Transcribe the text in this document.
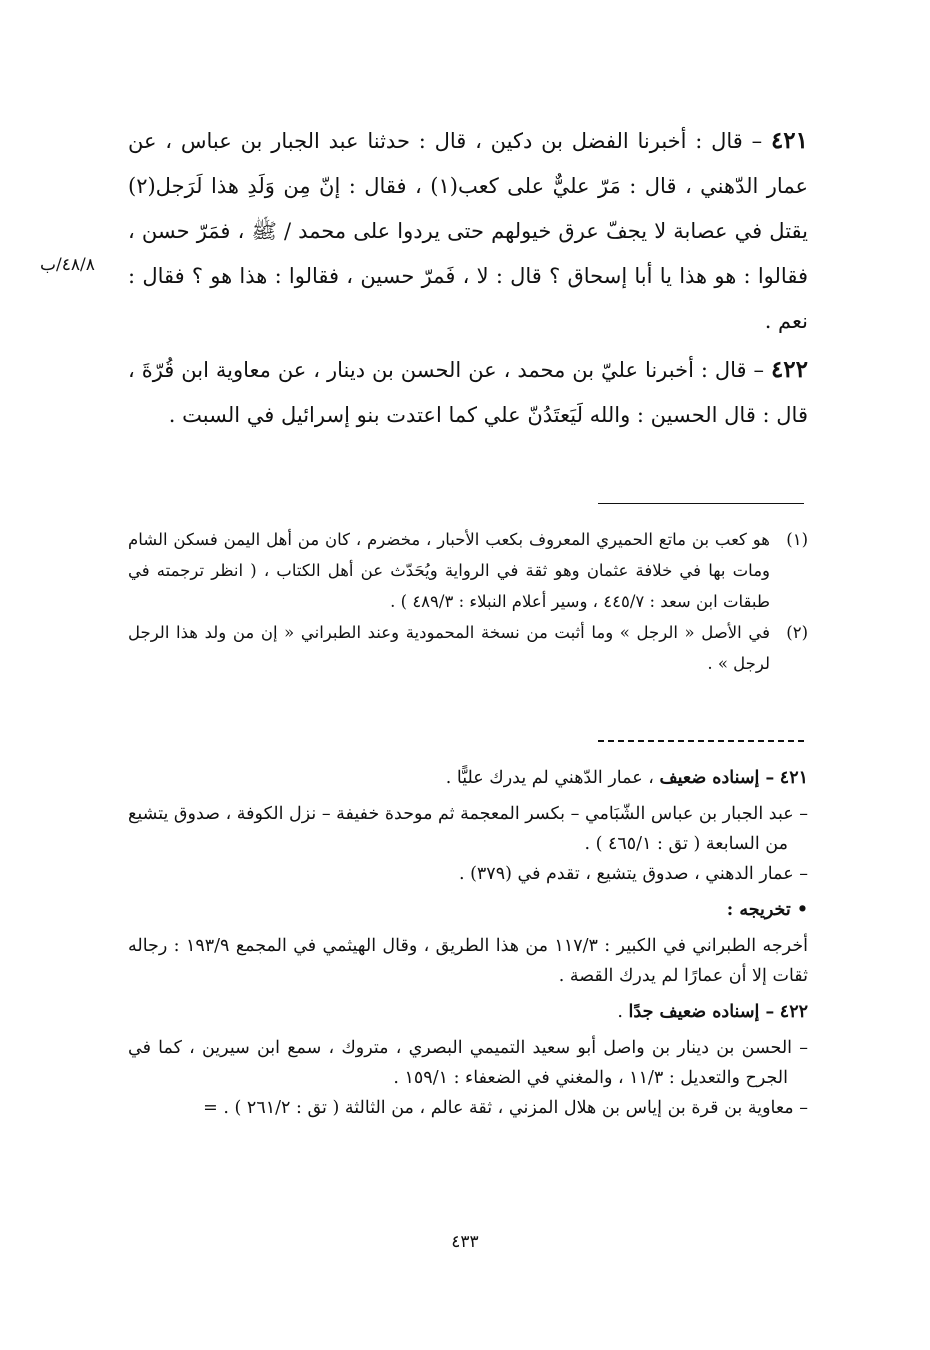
٤٨/٨/ب

٤٢١ – قال : أخبرنا الفضل بن دكين ، قال : حدثنا عبد الجبار بن عباس ، عن عمار الدّهني ، قال : مَرّ عليٌّ على كعب(١) ، فقال : إنّ مِن وَلَدِ هذا لَرَجل(٢) يقتل في عصابة لا يجفّ عرق خيولهم حتى يردوا على محمد / ﷺ ، فمَرّ حسن ، فقالوا : هو هذا يا أبا إسحاق ؟ قال : لا ، فَمرّ حسين ، فقالوا : هذا هو ؟ فقال : نعم .

٤٢٢ – قال : أخبرنا عليّ بن محمد ، عن الحسن بن دينار ، عن معاوية ابن قُرّةَ ، قال : قال الحسين : والله لَيَعتَدُنّ علي كما اعتدت بنو إسرائيل في السبت .

(١)
هو كعب بن ماتع الحميري المعروف بكعب الأحبار ، مخضرم ، كان من أهل اليمن فسكن الشام ومات بها في خلافة عثمان وهو ثقة في الرواية ويُحَدّث عن أهل الكتاب ، ( انظر ترجمته في طبقات ابن سعد : ٤٤٥/٧ ، وسير أعلام النبلاء : ٤٨٩/٣ ) .
(٢)
في الأصل « الرجل » وما أثبت من نسخة المحمودية وعند الطبراني « إن من ولد هذا الرجل لرجل » .

٤٢١ – إسناده ضعيف ، عمار الدّهني لم يدرك عليًّا .

– عبد الجبار بن عباس الشّبَامي – بكسر المعجمة ثم موحدة خفيفة – نزل الكوفة ، صدوق يتشيع من السابعة ( تق : ٤٦٥/١ ) .

– عمار الدهني ، صدوق يتشيع ، تقدم في (٣٧٩) .

• تخريجه :

أخرجه الطبراني في الكبير : ١١٧/٣ من هذا الطريق ، وقال الهيثمي في المجمع ١٩٣/٩ : رجاله ثقات إلا أن عمارًا لم يدرك القصة .

٤٢٢ – إسناده ضعيف جدًا .

– الحسن بن دينار بن واصل أبو سعيد التميمي البصري ، متروك ، سمع ابن سيرين ، كما في الجرح والتعديل : ١١/٣ ، والمغني في الضعفاء : ١٥٩/١ .

– معاوية بن قرة بن إياس بن هلال المزني ، ثقة عالم ، من الثالثة ( تق : ٢٦١/٢ ) . =

٤٣٣
